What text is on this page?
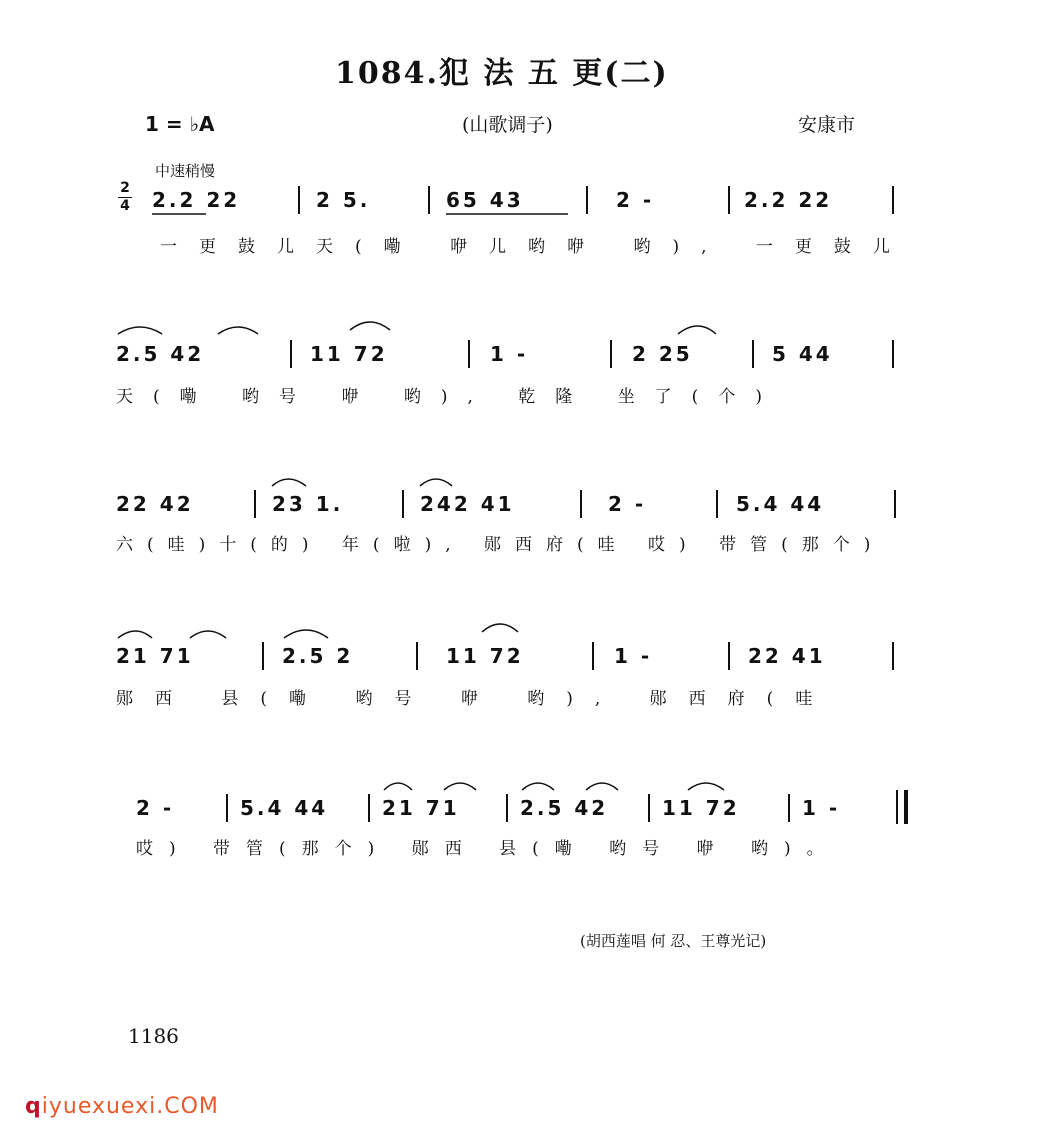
1084.犯 法 五 更(二)
1 = ♭A	(山歌调子)	安康市
中速稍慢
2
4 2.2 22	2 5.	65 43	2 -	2.2 22
一更鼓儿天(嘞 咿儿哟咿 哟), 一更鼓儿
2.5 42	11 72	1 -	2 25	5 44
天(嘞 哟号 咿 哟), 乾隆 坐了(个)
22 42	23 1.	242 41	2 -	5.4 44
六(哇)十(的) 年(啦), 郧西府(哇 哎) 带管(那个)
21 71	2.5 2	11 72	1 -	22 41
郧西 县(嘞 哟号 咿 哟), 郧西府(哇
2 -	5.4 44	21 71	2.5 42	11 72	1 -
哎) 带管(那个) 郧西 县(嘞 哟号 咿 哟)。
(胡西莲唱 何 忍、王尊光记)
1186
qiyuexuexi.COM
